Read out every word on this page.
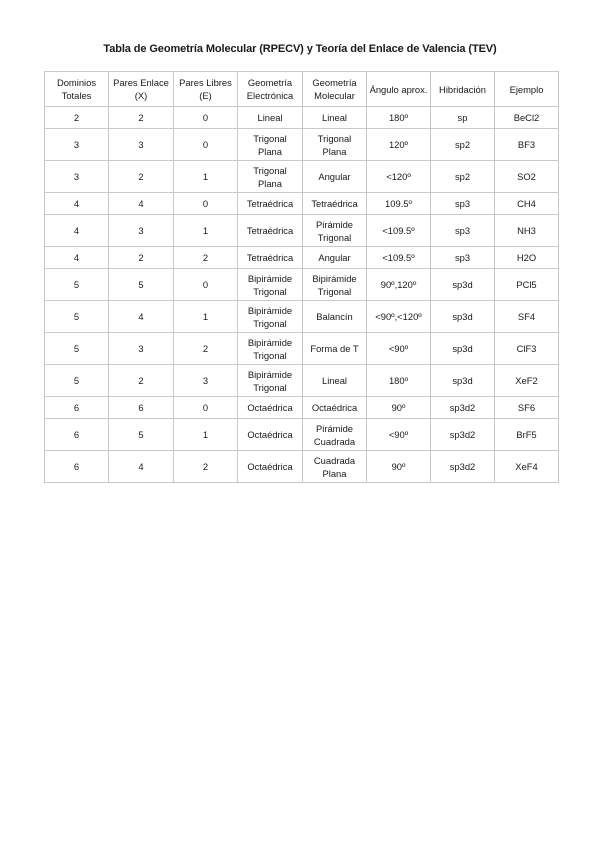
Tabla de Geometría Molecular (RPECV) y Teoría del Enlace de Valencia (TEV)
Dominios Totales	Pares Enlace (X)	Pares Libres (E)	Geometría Electrónica	Geometría Molecular	Ángulo aprox.	Hibridación	Ejemplo
2	2	0	Lineal	Lineal	180º	sp	BeCl2
3	3	0	Trigonal Plana	Trigonal Plana	120º	sp2	BF3
3	2	1	Trigonal Plana	Angular	<120º	sp2	SO2
4	4	0	Tetraédrica	Tetraédrica	109.5º	sp3	CH4
4	3	1	Tetraédrica	Pirámide Trigonal	<109.5º	sp3	NH3
4	2	2	Tetraédrica	Angular	<109.5º	sp3	H2O
5	5	0	Bipirámide Trigonal	Bipirámide Trigonal	90º,120º	sp3d	PCl5
5	4	1	Bipirámide Trigonal	Balancín	<90º,<120º	sp3d	SF4
5	3	2	Bipirámide Trigonal	Forma de T	<90º	sp3d	ClF3
5	2	3	Bipirámide Trigonal	Lineal	180º	sp3d	XeF2
6	6	0	Octaédrica	Octaédrica	90º	sp3d2	SF6
6	5	1	Octaédrica	Pirámide Cuadrada	<90º	sp3d2	BrF5
6	4	2	Octaédrica	Cuadrada Plana	90º	sp3d2	XeF4
